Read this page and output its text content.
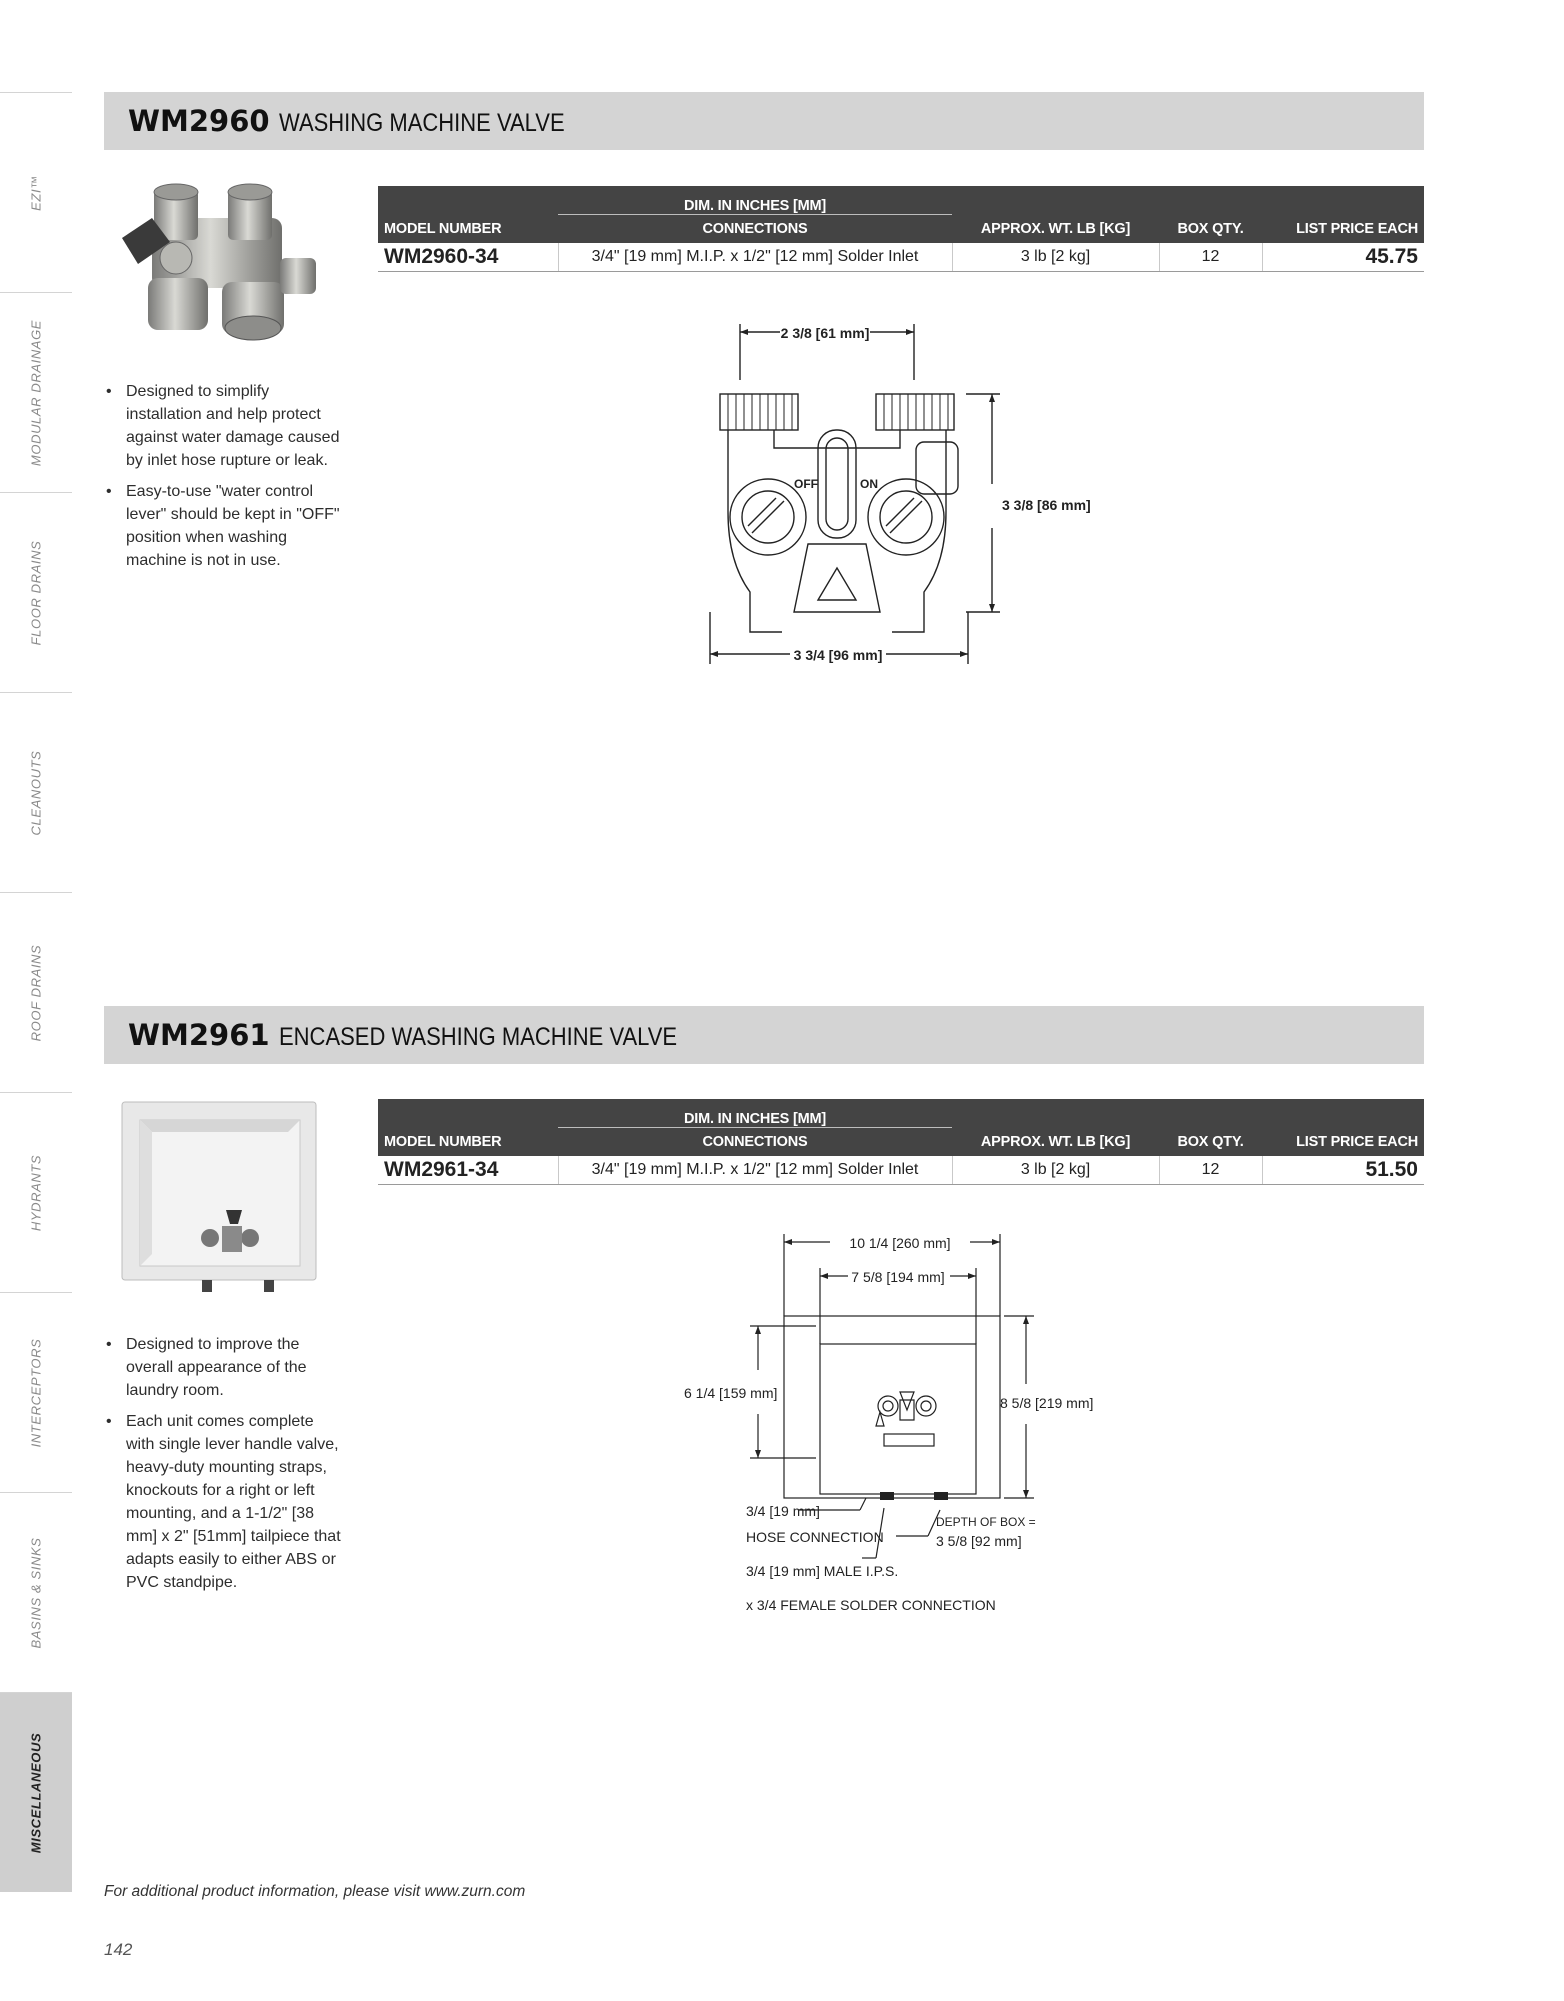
EZI™
MODULAR DRAINAGE
FLOOR DRAINS
CLEANOUTS
ROOF DRAINS
HYDRANTS
INTERCEPTORS
BASINS & SINKS
MISCELLANEOUS
WM2960 WASHING MACHINE VALVE
• Designed to simplify installation and help protect against water damage caused by inlet hose rupture or leak.
• Easy-to-use "water control lever" should be kept in "OFF" position when washing machine is not in use.
	DIM. IN INCHES [MM]			
MODEL NUMBER	CONNECTIONS	APPROX. WT. LB [KG]	BOX QTY.	LIST PRICE EACH
WM2960-34	3/4" [19 mm] M.I.P. x 1/2" [12 mm] Solder Inlet	3 lb [2 kg]	12	45.75
2 3/8 [61 mm]
3 3/8 [86 mm]
3 3/4 [96 mm]
OFF	ON
WM2961 ENCASED WASHING MACHINE VALVE
• Designed to improve the overall appearance of the laundry room.
• Each unit comes complete with single lever handle valve, heavy-duty mounting straps, knockouts for a right or left mounting, and a 1-1/2" [38 mm] x 2" [51mm] tailpiece that adapts easily to either ABS or PVC standpipe.
	DIM. IN INCHES [MM]			
MODEL NUMBER	CONNECTIONS	APPROX. WT. LB [KG]	BOX QTY.	LIST PRICE EACH
WM2961-34	3/4" [19 mm] M.I.P. x 1/2" [12 mm] Solder Inlet	3 lb [2 kg]	12	51.50
10 1/4 [260 mm]
7 5/8 [194 mm]
6 1/4 [159 mm]
8 5/8 [219 mm]
3/4 [19 mm]
HOSE CONNECTION
DEPTH OF BOX =
3 5/8 [92 mm]
3/4 [19 mm] MALE I.P.S.
x 3/4 FEMALE SOLDER CONNECTION
For additional product information, please visit www.zurn.com
142
